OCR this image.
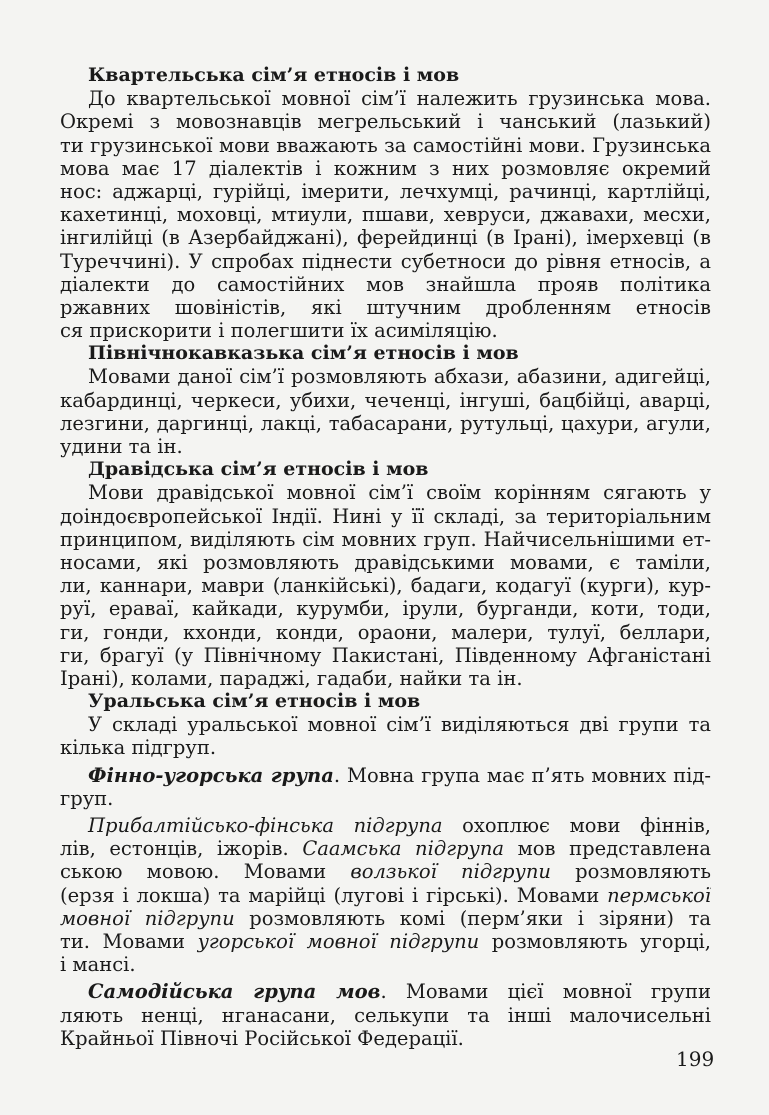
Квартельська сім’я етносів і мов
До квартельської мовної сім’ї належить грузинська мова.
Окремі з мовознавців мегрельський і чанський (лазький)
ти грузинської мови вважають за самостійні мови. Грузинська
мова має 17 діалектів і кожним з них розмовляє окремий
нос: аджарці, гурійці, імерити, лечхумці, рачинці, картлійці,
кахетинці, моховці, мтиули, пшави, хевруси, джавахи, месхи,
інгилійці (в Азербайджані), ферейдинці (в Ірані), імерхевці (в
Туреччині). У спробах піднести субетноси до рівня етносів, а
діалекти до самостійних мов знайшла прояв політика
ржавних шовіністів, які штучним дробленням етносів
ся прискорити і полегшити їх асиміляцію.
Північнокавказька сім’я етносів і мов
Мовами даної сім’ї розмовляють абхази, абазини, адигейці,
кабардинці, черкеси, убихи, чеченці, інгуші, бацбійці, аварці,
лезгини, даргинці, лакці, табасарани, рутульці, цахури, агули,
удини та ін.
Дравідська сім’я етносів і мов
Мови дравідської мовної сім’ї своїм корінням сягають у
доіндоєвропейської Індії. Нині у її складі, за територіальним
принципом, виділяють сім мовних груп. Найчисельнішими ет-
носами, які розмовляють дравідськими мовами, є таміли,
ли, каннари, маври (ланкійські), бадаги, кодагуї (курги), кур-
руї, ераваї, кайкади, курумби, ірули, бурганди, коти, тоди,
ги, гонди, кхонди, конди, ораони, малери, тулуї, беллари,
ги, брагуї (у Північному Пакистані, Південному Афганістані
Ірані), колами, параджі, гадаби, найки та ін.
Уральська сім’я етносів і мов
У складі уральської мовної сім’ї виділяються дві групи та
кілька підгруп.
Фінно-угорська група. Мовна група має п’ять мовних під-
груп.
Прибалтійсько-фінська підгрупа охоплює мови фіннів,
лів, естонців, іжорів. Саамська підгрупа мов представлена
ською мовою. Мовами волзької підгрупи розмовляють
(ерзя і локша) та марійці (лугові і гірські). Мовами пермської
мовної підгрупи розмовляють комі (перм’яки і зіряни) та
ти. Мовами угорської мовної підгрупи розмовляють угорці,
і мансі.
Самодійська група мов. Мовами цієї мовної групи
ляють ненці, нганасани, селькупи та інші малочисельні
Крайньої Півночі Російської Федерації.
199
